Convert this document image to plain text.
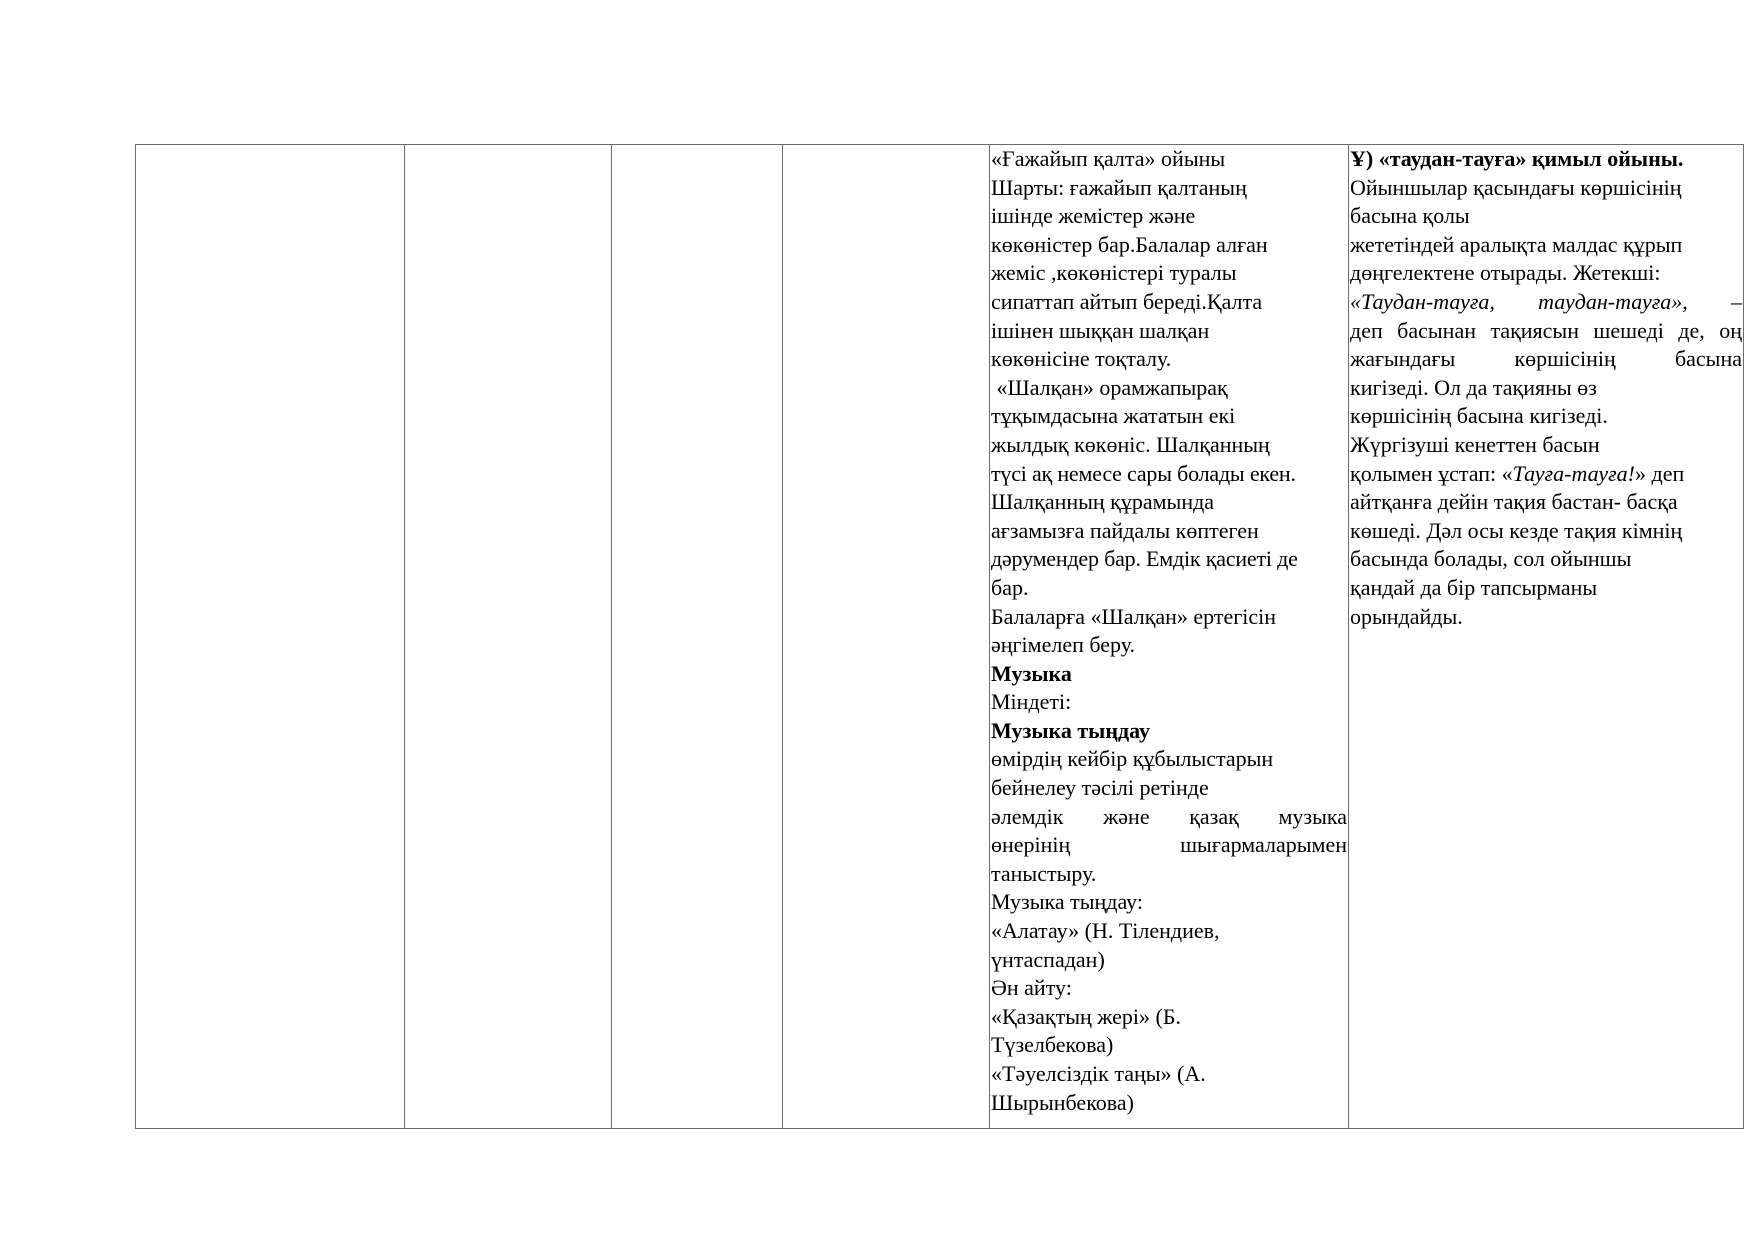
«Ғажайып қалта» ойыны
Шарты: ғажайып қалтаның
ішінде жемістер және
көкөністер бар.Балалар алған
жеміс ,көкөністері туралы
сипаттап айтып береді.Қалта
ішінен шыққан шалқан
көкөнісіне тоқталу.
«Шалқан» орамжапырақ
тұқымдасына жататын екі
жылдық көкөніс. Шалқанның
түсі ақ немесе сары болады екен.
Шалқанның құрамында
ағзамызға пайдалы көптеген
дәрумендер бар. Емдік қасиеті де
бар.
Балаларға «Шалқан» ертегісін
әңгімелеп беру.
Музыка
Міндеті:
Музыка тыңдау
өмірдің кейбір құбылыстарын
бейнелеу тәсілі ретінде
әлемдік және қазақ музыка
өнерінің шығармаларымен
таныстыру.
Музыка тыңдау:
«Алатау» (Н. Тілендиев,
үнтаспадан)
Ән айту:
«Қазақтың жері» (Б.
Түзелбекова)
«Тәуелсіздік таңы» (А.
Шырынбекова)

Ұ) «таудан-тауға» қимыл ойыны.
Ойыншылар қасындағы көршісінің
басына қолы
жететіндей аралықта малдас құрып
дөңгелектене отырады. Жетекші:
«Таудан-тауға, таудан-тауға», –
деп басынан тақиясын шешеді де, оң
жағындағы көршісінің басына
кигізеді. Ол да тақияны өз
көршісінің басына кигізеді.
Жүргізуші кенеттен басын
қолымен ұстап: «Тауға-тауға!» деп
айтқанға дейін тақия бастан- басқа
көшеді. Дәл осы кезде тақия кімнің
басында болады, сол ойыншы
қандай да бір тапсырманы
орындайды.
